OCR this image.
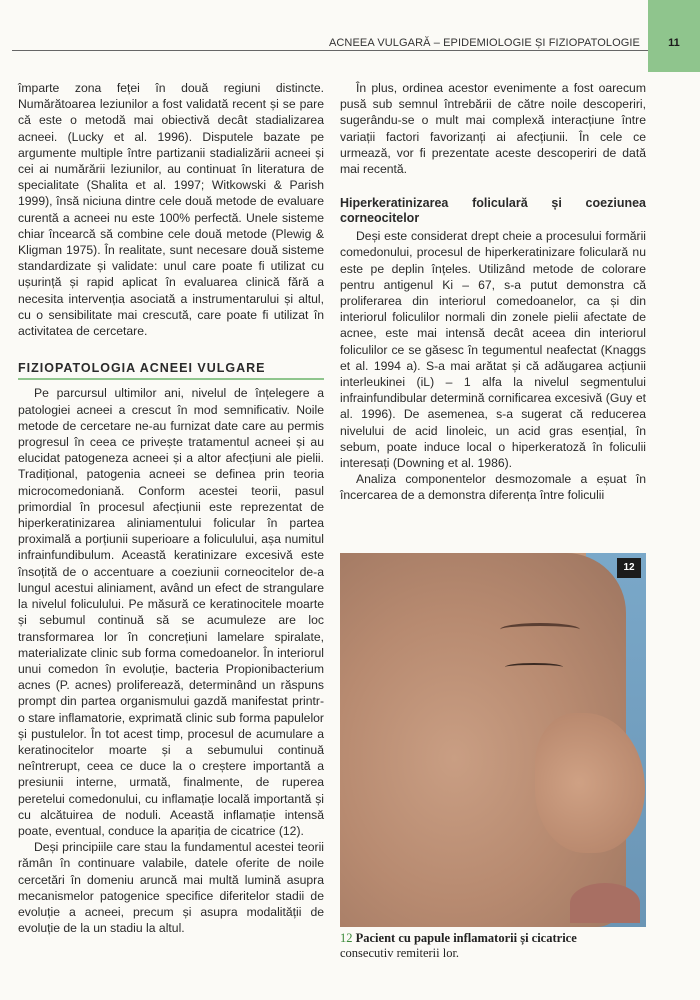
ACNEEA VULGARĂ – EPIDEMIOLOGIE ȘI FIZIOPATOLOGIE	11

împarte zona feței în două regiuni distincte. Numărătoarea leziunilor a fost validată recent și se pare că este o metodă mai obiectivă decât stadializarea acneei. (Lucky et al. 1996). Disputele bazate pe argumente multiple între partizanii stadializării acneei și cei ai numărării leziunilor, au continuat în literatura de specialitate (Shalita et al. 1997; Witkowski & Parish 1999), însă niciuna dintre cele două metode de evaluare curentă a acneei nu este 100% perfectă. Unele sisteme chiar încearcă să combine cele două metode (Plewig & Kligman 1975). În realitate, sunt necesare două sisteme standardizate și validate: unul care poate fi utilizat cu ușurință și rapid aplicat în evaluarea clinică fără a necesita intervenția asociată a instrumentarului și altul, cu o sensibilitate mai crescută, care poate fi utilizat în activitatea de cercetare.

FIZIOPATOLOGIA ACNEEI VULGARE

Pe parcursul ultimilor ani, nivelul de înțelegere a patologiei acneei a crescut în mod semnificativ. Noile metode de cercetare ne-au furnizat date care au permis progresul în ceea ce privește tratamentul acneei și au elucidat patogeneza acneei și a altor afecțiuni ale pielii. Tradițional, patogenia acneei se definea prin teoria microcomedoniană. Conform acestei teorii, pasul primordial în procesul afecțiunii este reprezentat de hiperkeratinizarea aliniamentului folicular în partea proximală a porțiunii superioare a foliculului, așa numitul infrainfundibulum. Această keratinizare excesivă este însoțită de o accentuare a coeziunii corneocitelor de-a lungul acestui aliniament, având un efect de strangulare la nivelul foliculului. Pe măsură ce keratinocitele moarte și sebumul continuă să se acumuleze are loc transformarea lor în concrețiuni lamelare spiralate, materializate clinic sub forma comedoanelor. În interiorul unui comedon în evoluție, bacteria Propionibacterium acnes (P. acnes) proliferează, determinând un răspuns prompt din partea organismului gazdă manifestat printr-o stare inflamatorie, exprimată clinic sub forma papulelor și pustulelor. În tot acest timp, procesul de acumulare a keratinocitelor moarte și a sebumului continuă neîntrerupt, ceea ce duce la o creștere importantă a presiunii interne, urmată, finalmente, de ruperea peretelui comedonului, cu inflamație locală importantă și cu alcătuirea de noduli. Această inflamație intensă poate, eventual, conduce la apariția de cicatrice (12).

Deși principiile care stau la fundamentul acestei teorii rămân în continuare valabile, datele oferite de noile cercetări în domeniu aruncă mai multă lumină asupra mecanismelor patogenice specifice diferitelor stadii de evoluție a acneei, precum și asupra modalității de evoluție de la un stadiu la altul.

În plus, ordinea acestor evenimente a fost oarecum pusă sub semnul întrebării de către noile descoperiri, sugerându-se o mult mai complexă interacțiune între variații factori favorizanți ai afecțiunii. În cele ce urmează, vor fi prezentate aceste descoperiri de dată mai recentă.

Hiperkeratinizarea foliculară și coeziunea corneocitelor

Deși este considerat drept cheie a procesului formării comedonului, procesul de hiperkeratinizare foliculară nu este pe deplin înțeles. Utilizând metode de colorare pentru antigenul Ki – 67, s-a putut demonstra că proliferarea din interiorul comedoanelor, ca și din interiorul foliculilor normali din zonele pielii afectate de acnee, este mai intensă decât aceea din interiorul foliculilor ce se găsesc în tegumentul neafectat (Knaggs et al. 1994 a). S-a mai arătat și că adăugarea acțiunii interleukinei (iL) – 1 alfa la nivelul segmentului infrainfundibular determină cornificarea excesivă (Guy et al. 1996). De asemenea, s-a sugerat că reducerea nivelului de acid linoleic, un acid gras esențial, în sebum, poate induce local o hiperkeratoză în foliculii interesați (Downing et al. 1986).

Analiza componentelor desmozomale a eșuat în încercarea de a demonstra diferența între foliculii

12
12 Pacient cu papule inflamatorii și cicatrice
consecutiv remiterii lor.
